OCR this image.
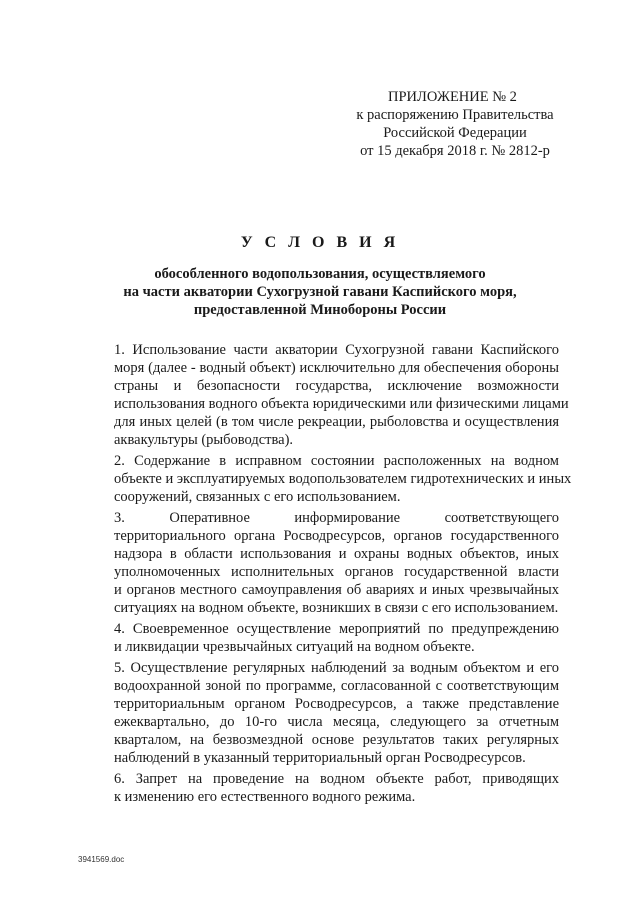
ПРИЛОЖЕНИЕ № 2
к распоряжению Правительства
Российской Федерации
от 15 декабря 2018 г. № 2812-р
У С Л О В И Я
обособленного водопользования, осуществляемого
на части акватории Сухогрузной гавани Каспийского моря,
предоставленной Минобороны России
1. Использование части акватории Сухогрузной гавани Каспийского
моря (далее - водный объект) исключительно для обеспечения обороны
страны и безопасности государства, исключение возможности
использования водного объекта юридическими или физическими лицами
для иных целей (в том числе рекреации, рыболовства и осуществления
аквакультуры (рыбоводства).
2. Содержание в исправном состоянии расположенных на водном
объекте и эксплуатируемых водопользователем гидротехнических и иных
сооружений, связанных с его использованием.
3. Оперативное информирование соответствующего
территориального органа Росводресурсов, органов государственного
надзора в области использования и охраны водных объектов, иных
уполномоченных исполнительных органов государственной власти
и органов местного самоуправления об авариях и иных чрезвычайных
ситуациях на водном объекте, возникших в связи с его использованием.
4. Своевременное осуществление мероприятий по предупреждению
и ликвидации чрезвычайных ситуаций на водном объекте.
5. Осуществление регулярных наблюдений за водным объектом и его
водоохранной зоной по программе, согласованной с соответствующим
территориальным органом Росводресурсов, а также представление
ежеквартально, до 10-го числа месяца, следующего за отчетным
кварталом, на безвозмездной основе результатов таких регулярных
наблюдений в указанный территориальный орган Росводресурсов.
6. Запрет на проведение на водном объекте работ, приводящих
к изменению его естественного водного режима.
3941569.doc
